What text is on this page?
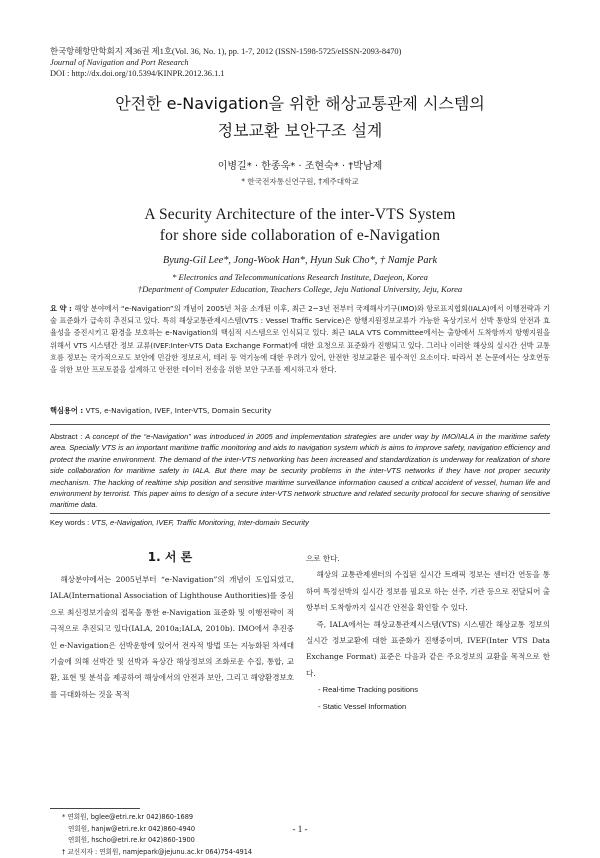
한국항해항만학회지 제36권 제1호(Vol. 36, No. 1), pp. 1-7, 2012 (ISSN-1598-5725/eISSN-2093-8470)
Journal of Navigation and Port Research
DOI : http://dx.doi.org/10.5394/KINPR.2012.36.1.1
안전한 e-Navigation을 위한 해상교통관제 시스템의
정보교환 보안구조 설계
이병길* · 한종욱* · 조현숙* · †박남제
* 한국전자통신연구원, †제주대학교
A Security Architecture of the inter-VTS System
for shore side collaboration of e-Navigation
Byung-Gil Lee*, Jong-Wook Han*, Hyun Suk Cho*, † Namje Park
* Electronics and Telecommunications Research Institute, Daejeon, Korea
†Department of Computer Education, Teachers College, Jeju National University, Jeju, Korea
요 약 : 해양 분야에서 “e-Navigation”의 개념이 2005년 처음 소개된 이후, 최근 2~3년 전부터 국제해사기구(IMO)와 항로표지협회(IALA)에서 이행전략과 기술 표준화가 급속히 추진되고 있다. 특히 해상교통관제시스템(VTS : Vessel Traffic Service)은 항행지원정보교류가 가능한 육상기로서 선박 통항의 안전과 효율성을 증진시키고 환경을 보호하는 e-Navigation의 핵심적 시스템으로 인식되고 있다. 최근 IALA VTS Committee에서는 출항에서 도착항까지 항행지원을 위해서 VTS 시스템간 정보 교류(IVEF:Inter-VTS Data Exchange Format)에 대한 요청으로 표준화가 진행되고 있다. 그러나 이러한 해상의 실시간 선박 교통흐름 정보는 국가적으로도 보안에 민감한 정보로서, 테러 등 역기능에 대한 우려가 있어, 안전한 정보교환은 필수적인 요소이다. 따라서 본 논문에서는 상호연동을 위한 보안 프로토콜을 설계하고 안전한 데이터 전송을 위한 보안 구조를 제시하고자 한다.
핵심용어 : VTS, e-Navigation, IVEF, Inter-VTS, Domain Security
Abstract : A concept of the “e-Navigation” was introduced in 2005 and implementation strategies are under way by IMO/IALA in the maritime safety area. Specially VTS is an important maritime traffic monitoring and aids to navigation system which is aims to improve safety, navigation efficiency and protect the marine environment. The demand of the inter-VTS networking has been increased and standardization is underway for realization of shore side collaboration for maritime safety in IALA. But there may be security problems in the inter-VTS networks if they have not proper security mechanism. The hacking of realtime ship position and sensitive maritime surveillance information caused a critical accident of vessel, human life and environment by terrorist. This paper aims to design of a secure inter-VTS network structure and related security protocol for secure sharing of sensitive maritime data.
Key words : VTS, e-Navigation, IVEF, Traffic Monitoring, Inter-domain Security
1. 서 론

해상분야에서는 2005년부터 “e-Navigation”의 개념이 도입되었고, IALA(International Association of Lighthouse Authorities)를 중심으로 최신정보기술의 접목을 통한 e-Navigation 표준화 및 이행전략이 적극적으로 추진되고 있다(IALA, 2010a;IALA, 2010b). IMO에서 추진중인 e-Navigation은 선박운항에 있어서 전자적 방법 또는 지능화된 차세대 기술에 의해 선박간 및 선박과 육상간 해상정보의 조화로운 수집, 통합, 교환, 표현 및 분석을 제공하여 해상에서의 안전과 보안, 그리고 해양환경보호를 극대화하는 것을 목적

으로 한다.

해상의 교통관제센터의 수집된 실시간 트래픽 정보는 센터간 연동을 통하여 특정선박의 실시간 정보를 필요로 하는 선주, 기관 등으로 전달되어 출항부터 도착항까지 실시간 안전을 확인할 수 있다.

즉, IALA에서는 해상교통관제시스템(VTS) 시스템간 해상교통 정보의 실시간 정보교환에 대한 표준화가 진행중이며, IVEF(Inter VTS Data Exchange Format) 표준은 다음과 같은 주요정보의 교환을 목적으로 한다.

- Real-time Tracking positions
- Static Vessel Information
* 연회원, bglee@etri.re.kr 042)860-1689
연회원, hanjw@etri.re.kr 042)860-4940
연회원, hscho@etri.re.kr 042)860-1900
† 교신저자 : 연회원, namjepark@jejunu.ac.kr 064)754-4914
- 1 -
